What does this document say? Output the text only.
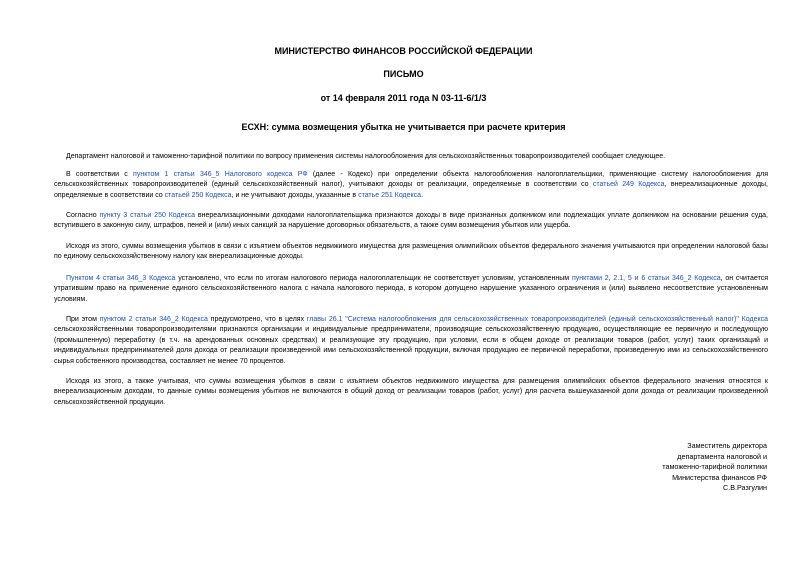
МИНИСТЕРСТВО ФИНАНСОВ РОССИЙСКОЙ ФЕДЕРАЦИИ
ПИСЬМО
от 14 февраля 2011 года N 03-11-6/1/3
ЕСХН: сумма возмещения убытка не учитывается при расчете критерия
Департамент налоговой и таможенно-тарифной политики по вопросу применения системы налогообложения для сельскохозяйственных товаропроизводителей сообщает следующее.
В соответствии с пунктом 1 статьи 346_5 Налогового кодекса РФ (далее - Кодекс) при определении объекта налогообложения налогоплательщики, применяющие систему налогообложения для сельскохозяйственных товаропроизводителей (единый сельскохозяйственный налог), учитывают доходы от реализации, определяемые в соответствии со статьей 249 Кодекса, внереализационные доходы, определяемые в соответствии со статьей 250 Кодекса, и не учитывают доходы, указанные в статье 251 Кодекса.
Согласно пункту 3 статьи 250 Кодекса внереализационными доходами налогоплательщика признаются доходы в виде признанных должником или подлежащих уплате должником на основании решения суда, вступившего в законную силу, штрафов, пеней и (или) иных санкций за нарушение договорных обязательств, а также сумм возмещения убытков или ущерба.
Исходя из этого, суммы возмещения убытков в связи с изъятием объектов недвижимого имущества для размещения олимпийских объектов федерального значения учитываются при определении налоговой базы по единому сельскохозяйственному налогу как внереализационные доходы.
Пунктом 4 статьи 346_3 Кодекса установлено, что если по итогам налогового периода налогоплательщик не соответствует условиям, установленным пунктами 2, 2.1, 5 и 6 статьи 346_2 Кодекса, он считается утратившим право на применение единого сельскохозяйственного налога с начала налогового периода, в котором допущено нарушение указанного ограничения и (или) выявлено несоответствие установленным условиям.
При этом пунктом 2 статьи 346_2 Кодекса предусмотрено, что в целях главы 26.1 "Система налогообложения для сельскохозяйственных товаропроизводителей (единый сельскохозяйственный налог)" Кодекса сельскохозяйственными товаропроизводителями признаются организации и индивидуальные предприниматели, производящие сельскохозяйственную продукцию, осуществляющие ее первичную и последующую (промышленную) переработку (в т.ч. на арендованных основных средствах) и реализующие эту продукцию, при условии, если в общем доходе от реализации товаров (работ, услуг) таких организаций и индивидуальных предпринимателей доля дохода от реализации произведенной ими сельскохозяйственной продукции, включая продукцию ее первичной переработки, произведенную ими из сельскохозяйственного сырья собственного производства, составляет не менее 70 процентов.
Исходя из этого, а также учитывая, что суммы возмещения убытков в связи с изъятием объектов недвижимого имущества для размещения олимпийских объектов федерального значения относятся к внереализационным доходам, то данные суммы возмещения убытков не включаются в общий доход от реализации товаров (работ, услуг) для расчета вышеуказанной доли дохода от реализации произведенной сельскохозяйственной продукции.
Заместитель директора
департамента налоговой и
таможенно-тарифной политики
Министерства финансов РФ
С.В.Разгулин
